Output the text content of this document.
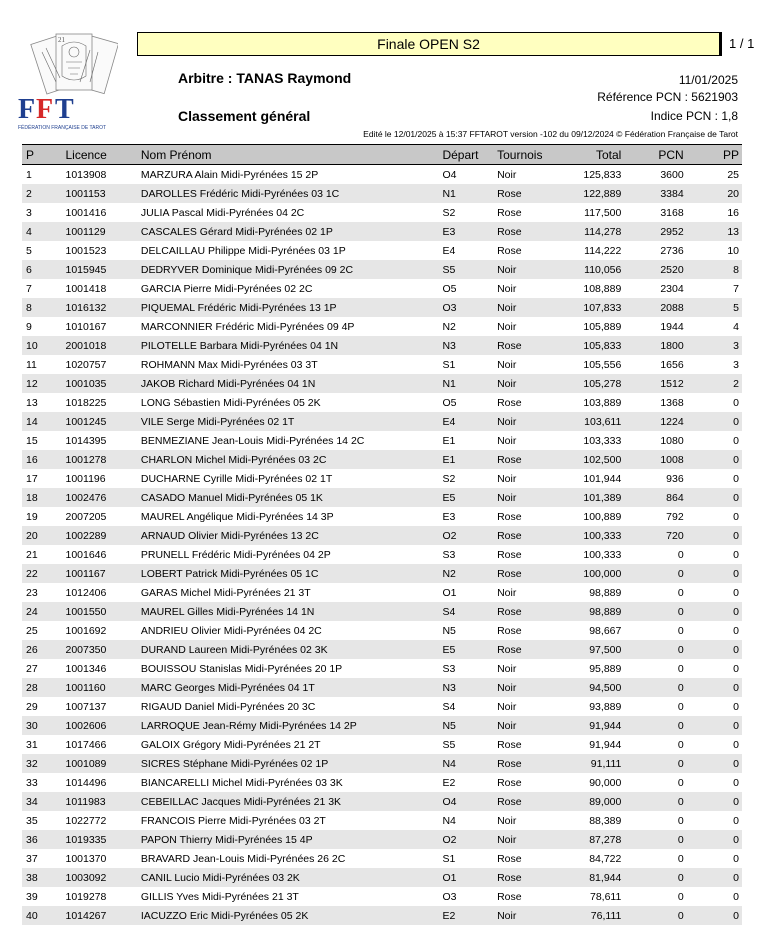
21
F F T
FÉDÉRATION FRANÇAISE DE TAROT
Finale OPEN S2	1 / 1
Arbitre : TANAS Raymond	11/01/2025
Référence PCN : 5621903
Classement général	Indice PCN : 1,8
Edité le 12/01/2025 à 15:37 FFTAROT version -102 du 09/12/2024 © Fédération Française de Tarot
P	Licence	Nom Prénom	Départ	Tournois	Total	PCN	PP
1	1013908	MARZURA Alain Midi-Pyrénées 15 2P	O4	Noir	125,833	3600	25
2	1001153	DAROLLES Frédéric Midi-Pyrénées 03 1C	N1	Rose	122,889	3384	20
3	1001416	JULIA Pascal Midi-Pyrénées 04 2C	S2	Rose	117,500	3168	16
4	1001129	CASCALES Gérard Midi-Pyrénées 02 1P	E3	Rose	114,278	2952	13
5	1001523	DELCAILLAU Philippe Midi-Pyrénées 03 1P	E4	Rose	114,222	2736	10
6	1015945	DEDRYVER Dominique Midi-Pyrénées 09 2C	S5	Noir	110,056	2520	8
7	1001418	GARCIA Pierre Midi-Pyrénées 02 2C	O5	Noir	108,889	2304	7
8	1016132	PIQUEMAL Frédéric Midi-Pyrénées 13 1P	O3	Noir	107,833	2088	5
9	1010167	MARCONNIER Frédéric Midi-Pyrénées 09 4P	N2	Noir	105,889	1944	4
10	2001018	PILOTELLE Barbara Midi-Pyrénées 04 1N	N3	Rose	105,833	1800	3
11	1020757	ROHMANN Max Midi-Pyrénées 03 3T	S1	Noir	105,556	1656	3
12	1001035	JAKOB Richard Midi-Pyrénées 04 1N	N1	Noir	105,278	1512	2
13	1018225	LONG Sébastien Midi-Pyrénées 05 2K	O5	Rose	103,889	1368	0
14	1001245	VILE Serge Midi-Pyrénées 02 1T	E4	Noir	103,611	1224	0
15	1014395	BENMEZIANE Jean-Louis Midi-Pyrénées 14 2C	E1	Noir	103,333	1080	0
16	1001278	CHARLON Michel Midi-Pyrénées 03 2C	E1	Rose	102,500	1008	0
17	1001196	DUCHARNE Cyrille Midi-Pyrénées 02 1T	S2	Noir	101,944	936	0
18	1002476	CASADO Manuel Midi-Pyrénées 05 1K	E5	Noir	101,389	864	0
19	2007205	MAUREL Angélique Midi-Pyrénées 14 3P	E3	Rose	100,889	792	0
20	1002289	ARNAUD Olivier Midi-Pyrénées 13 2C	O2	Rose	100,333	720	0
21	1001646	PRUNELL Frédéric Midi-Pyrénées 04 2P	S3	Rose	100,333	0	0
22	1001167	LOBERT Patrick Midi-Pyrénées 05 1C	N2	Rose	100,000	0	0
23	1012406	GARAS Michel Midi-Pyrénées 21 3T	O1	Noir	98,889	0	0
24	1001550	MAUREL Gilles Midi-Pyrénées 14 1N	S4	Rose	98,889	0	0
25	1001692	ANDRIEU Olivier Midi-Pyrénées 04 2C	N5	Rose	98,667	0	0
26	2007350	DURAND Laureen Midi-Pyrénées 02 3K	E5	Rose	97,500	0	0
27	1001346	BOUISSOU Stanislas Midi-Pyrénées 20 1P	S3	Noir	95,889	0	0
28	1001160	MARC Georges Midi-Pyrénées 04 1T	N3	Noir	94,500	0	0
29	1007137	RIGAUD Daniel Midi-Pyrénées 20 3C	S4	Noir	93,889	0	0
30	1002606	LARROQUE Jean-Rémy Midi-Pyrénées 14 2P	N5	Noir	91,944	0	0
31	1017466	GALOIX Grégory Midi-Pyrénées 21 2T	S5	Rose	91,944	0	0
32	1001089	SICRES Stéphane Midi-Pyrénées 02 1P	N4	Rose	91,111	0	0
33	1014496	BIANCARELLI Michel Midi-Pyrénées 03 3K	E2	Rose	90,000	0	0
34	1011983	CEBEILLAC Jacques Midi-Pyrénées 21 3K	O4	Rose	89,000	0	0
35	1022772	FRANCOIS Pierre Midi-Pyrénées 03 2T	N4	Noir	88,389	0	0
36	1019335	PAPON Thierry Midi-Pyrénées 15 4P	O2	Noir	87,278	0	0
37	1001370	BRAVARD Jean-Louis Midi-Pyrénées 26 2C	S1	Rose	84,722	0	0
38	1003092	CANIL Lucio Midi-Pyrénées 03 2K	O1	Rose	81,944	0	0
39	1019278	GILLIS Yves Midi-Pyrénées 21 3T	O3	Rose	78,611	0	0
40	1014267	IACUZZO Eric Midi-Pyrénées 05 2K	E2	Noir	76,111	0	0
